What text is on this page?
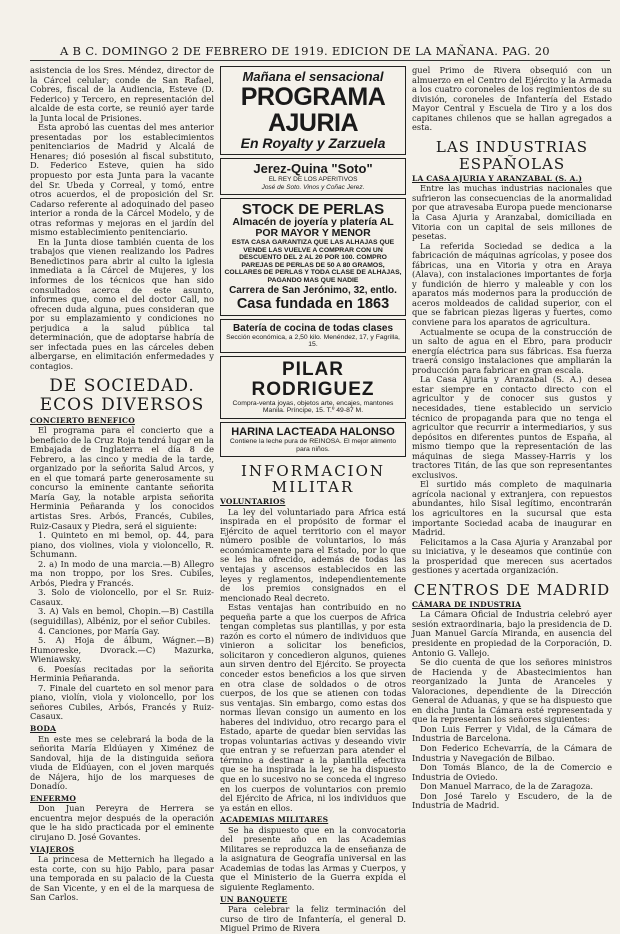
A B C. DOMINGO 2 DE FEBRERO DE 1919. EDICION DE LA MAÑANA. PAG. 20

asistencia de los Sres. Méndez, director de la Cárcel celular; conde de San Rafael, Cobres, fiscal de la Audiencia, Esteve (D. Federico) y Tercero, en representación del alcalde de esta corte, se reunió ayer tarde la Junta local de Prisiones.

Esta aprobó las cuentas del mes anterior presentadas por los establecimientos penitenciarios de Madrid y Alcalá de Henares; dió posesión al fiscal substituto, D. Federico Esteve, quien ha sido propuesto por esta Junta para la vacante del Sr. Ubeda y Correal, y tomó, entre otros acuerdos, el de proposición del Sr. Cadarso referente al adoquinado del paseo interior a ronda de la Cárcel Modelo, y de otras reformas y mejoras en el jardín del mismo establecimiento penitenciario.

En la Junta diose también cuenta de los trabajos que vienen realizando los Padres Benedictinos para abrir al culto la iglesia inmediata a la Cárcel de Mujeres, y los informes de los técnicos que han sido consultados acerca de este asunto, informes que, como el del doctor Call, no ofrecen duda alguna, pues consideran que por su emplazamiento y condiciones no perjudica a la salud pública tal determinación, que de adoptarse habría de ser infectada pues en las cárceles deben albergarse, en elimitación enfermedades y contagios.

DE SOCIEDAD.
ECOS DIVERSOS
CONCIERTO BENEFICO

El programa para el concierto que a beneficio de la Cruz Roja tendrá lugar en la Embajada de Inglaterra el día 8 de Febrero, a las cinco y media de la tarde, organizado por la señorita Salud Arcos, y en el que tomará parte generosamente su concurso la eminente cantante señorita María Gay, la notable arpista señorita Herminia Peñaranda y los conocidos artistas Sres. Arbós, Francés, Cubiles, Ruiz-Casaux y Piedra, será el siguiente:

1. Quinteto en mi bemol, op. 44, para piano, dos violines, viola y violoncello, R. Schumann.

2. a) In modo de una marcia.—B) Allegro ma non troppo, por los Sres. Cubiles, Arbós, Piedra y Francés.

3. Solo de violoncello, por el Sr. Ruiz-Casaux.

3. A) Vals en bemol, Chopin.—B) Castilla (seguidillas), Albéniz, por el señor Cubiles.

4. Canciones, por María Gay.

5. A) Hoja de álbum, Wágner.—B) Humoreske, Dvorack.—C) Mazurka, Wieniawsky.

6. Poesías recitadas por la señorita Herminia Peñaranda.

7. Finale del cuarteto en sol menor para piano, violín, viola y violoncello, por los señores Cubiles, Arbós, Francés y Ruiz-Casaux.

BODA

En este mes se celebrará la boda de la señorita María Eldúayen y Ximénez de Sandoval, hija de la distinguida señora viuda de Eldúayen, con el joven marqués de Nájera, hijo de los marqueses de Donadío.

ENFERMO

Don Juan Pereyra de Herrera se encuentra mejor después de la operación que le ha sido practicada por el eminente cirujano D. José Govantes.

VIAJEROS

La princesa de Metternich ha llegado a esta corte, con su hijo Pablo, para pasar una temporada en su palacio de la Cuesta de San Vicente, y en el de la marquesa de San Carlos.

Mañana el sensacional
PROGRAMA AJURIA
En Royalty y Zarzuela
Jerez-Quina "Soto"
EL REY DE LOS APERITIVOS
José de Soto. Vinos y Coñac Jerez.
STOCK DE PERLAS
Almacén de joyería y platería AL POR MAYOR Y MENOR
ESTA CASA GARANTIZA QUE LAS ALHAJAS QUE VENDE LAS VUELVE A COMPRAR CON UN DESCUENTO DEL 2 AL 20 POR 100. COMPRO PAREJAS DE PERLAS DE 50 A 80 GRAMOS, COLLARES DE PERLAS Y TODA CLASE DE ALHAJAS, PAGANDO MAS QUE NADIE
Carrera de San Jerónimo, 32, entlo.
Casa fundada en 1863
Batería de cocina de todas clases
Sección económica, a 2,50 kilo. Menéndez, 17, y Fagrilla, 15.
PILAR RODRIGUEZ
Compra-venta joyas, objetos arte, encajes, mantones Manila. Príncipe, 15. T.º 49-87 M.
HARINA LACTEADA HALONSO
Contiene la leche pura de REINOSA. El mejor alimento para niños.
INFORMACION
MILITAR
VOLUNTARIOS

La ley del voluntariado para Africa está inspirada en el propósito de formar el Ejército de aquel territorio con el mayor número posible de voluntarios, lo más económicamente para el Estado, por lo que se les ha ofrecido, además de todas las ventajas y ascensos establecidos en las leyes y reglamentos, independientemente de los premios consignados en el mencionado Real decreto.

Estas ventajas han contribuido en no pequeña parte a que los cuerpos de Africa tengan completas sus plantillas, y por esta razón es corto el número de individuos que vinieron a solicitar los beneficios, solicitaron y concedieron algunos, quienes aun sirven dentro del Ejército. Se proyecta conceder estos beneficios a los que sirven en otra clase de soldados o de otros cuerpos, de los que se atienen con todas sus ventajas. Sin embargo, como estas dos normas llevan consigo un aumento en los haberes del individuo, otro recargo para el Estado, aparte de quedar bien servidas las tropas voluntarias activas y deseando vivir que entran y se refuerzan para atender el término a destinar a la plantilla efectiva que se ha inspirada la ley, se ha dispuesto que en lo sucesivo no se conceda el ingreso en los cuerpos de voluntarios con premio del Ejército de Africa, ni los individuos que ya están en ellos.

ACADEMIAS MILITARES

Se ha dispuesto que en la convocatoria del presente año en las Academias Militares se reproduzca la de enseñanza de la asignatura de Geografía universal en las Academias de todas las Armas y Cuerpos, y que el Ministerio de la Guerra expida el siguiente Reglamento.

UN BANQUETE

Para celebrar la feliz terminación del curso de tiro de Infantería, el general D. Miguel Primo de Rivera

guel Primo de Rivera obsequió con un almuerzo en el Centro del Ejército y la Armada a los cuatro coroneles de los regimientos de su división, coroneles de Infantería del Estado Mayor Central y Escuela de Tiro y a los dos capitanes chilenos que se hallan agregados a esta.

LAS INDUSTRIAS
ESPAÑOLAS
LA CASA AJURIA Y ARANZABAL (S. A.)

Entre las muchas industrias nacionales que sufrieron las consecuencias de la anormalidad por que atravesaba Europa puede mencionarse la Casa Ajuria y Aranzabal, domiciliada en Vitoria con un capital de seis millones de pesetas.

La referida Sociedad se dedica a la fabricación de máquinas agrícolas, y posee dos fábricas, una en Vitoria y otra en Araya (Alava), con instalaciones importantes de forja y fundición de hierro y maleable y con los aparatos más modernos para la producción de aceros moldeados de calidad superior, con el que se fabrican piezas ligeras y fuertes, como conviene para los aparatos de agricultura.

Actualmente se ocupa de la construcción de un salto de agua en el Ebro, para producir energía eléctrica para sus fábricas. Esa fuerza traerá consigo instalaciones que ampliarán la producción para fabricar en gran escala.

La Casa Ajuria y Aranzabal (S. A.) desea estar siempre en contacto directo con el agricultor y de conocer sus gustos y necesidades, tiene establecido un servicio técnico de propaganda para que no tenga el agricultor que recurrir a intermediarios, y sus depósitos en diferentes puntos de España, al mismo tiempo que la representación de las máquinas de siega Massey-Harris y los tractores Titán, de las que son representantes exclusivos.

El surtido más completo de maquinaria agrícola nacional y extranjera, con repuestos abundantes, hilo Sisal legítimo, encontrarán los agricultores en la sucursal que esta importante Sociedad acaba de inaugurar en Madrid.

Felicitamos a la Casa Ajuria y Aranzabal por su iniciativa, y le deseamos que continúe con la prosperidad que merecen sus acertados gestiones y acertada organización.

CENTROS DE MADRID
CÁMARA DE INDUSTRIA

La Cámara Oficial de Industria celebró ayer sesión extraordinaria, bajo la presidencia de D. Juan Manuel García Miranda, en ausencia del presidente en propiedad de la Corporación, D. Antonio G. Vallejo.

Se dio cuenta de que los señores ministros de Hacienda y de Abastecimientos han reorganizado la Junta de Aranceles y Valoraciones, dependiente de la Dirección General de Aduanas, y que se ha dispuesto que en dicha Junta la Cámara esté representada y que la representan los señores siguientes:

Don Luis Ferrer y Vidal, de la Cámara de Industria de Barcelona.

Don Federico Echevarría, de la Cámara de Industria y Navegación de Bilbao.

Don Tomás Blanco, de la de Comercio e Industria de Oviedo.

Don Manuel Marraco, de la de Zaragoza.

Don José Tarelo y Escudero, de la de Industria de Madrid.
